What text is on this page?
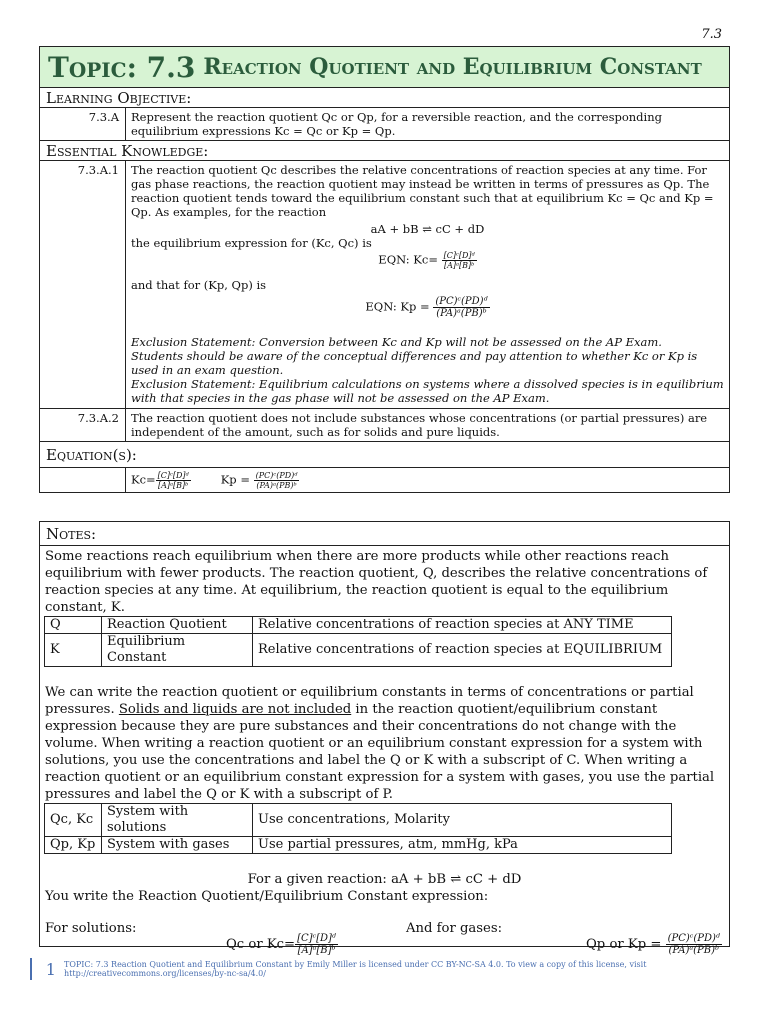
7.3
Topic: 7.3 Reaction Quotient and Equilibrium Constant
Learning Objective:
7.3.A	Represent the reaction quotient Qc or Qp, for a reversible reaction, and the corresponding equilibrium expressions Kc = Qc or Kp = Qp.
Essential Knowledge:
7.3.A.1	The reaction quotient Qc describes the relative concentrations of reaction species at any time. For gas phase reactions, the reaction quotient may instead be written in terms of pressures as Qp. The reaction quotient tends toward the equilibrium constant such that at equilibrium Kc = Qc and Kp = Qp. As examples, for the reaction
aA + bB ⇌ cC + dD
the equilibrium expression for (Kc, Qc) is
EQN: $Kc= \frac{\text{[C]ᶜ[D]ᵈ}}{\text{[A]ᵃ[B]ᵇ}}$
and that for (Kp, Qp) is
EQN: $Kp = \frac{\text{(PC)ᶜ(PD)ᵈ}}{\text{(PA)ᵃ(PB)ᵇ}}$
Exclusion Statement: Conversion between Kc and Kp will not be assessed on the AP Exam.
Students should be aware of the conceptual differences and pay attention to whether Kc or Kp is used in an exam question.
Exclusion Statement: Equilibrium calculations on systems where a dissolved species is in equilibrium with that species in the gas phase will not be assessed on the AP Exam.
7.3.A.2	The reaction quotient does not include substances whose concentrations (or partial pressures) are independent of the amount, such as for solids and pure liquids.
Equation(s):
$Kc= \frac{\text{[C]ᶜ[D]ᵈ}}{\text{[A]ᵃ[B]ᵇ}}$	$Kp = \frac{\text{(PC)ᶜ(PD)ᵈ}}{\text{(PA)ᵃ(PB)ᵇ}}$
Notes:

Some reactions reach equilibrium when there are more products while other reactions reach equilibrium with fewer products. The reaction quotient, Q, describes the relative concentrations of reaction species at any time. At equilibrium, the reaction quotient is equal to the equilibrium constant, K.

Q	Reaction Quotient	Relative concentrations of reaction species at ANY TIME
K	Equilibrium Constant	Relative concentrations of reaction species at EQUILIBRIUM

We can write the reaction quotient or equilibrium constants in terms of concentrations or partial pressures. Solids and liquids are not included in the reaction quotient/equilibrium constant expression because they are pure substances and their concentrations do not change with the volume. When writing a reaction quotient or an equilibrium constant expression for a system with solutions, you use the concentrations and label the Q or K with a subscript of C. When writing a reaction quotient or an equilibrium constant expression for a system with gases, you use the partial pressures and label the Q or K with a subscript of P.

Qc, Kc	System with solutions	Use concentrations, Molarity
Qp, Kp	System with gases	Use partial pressures, atm, mmHg, kPa

For a given reaction: aA + bB ⇌ cC + dD

You write the Reaction Quotient/Equilibrium Constant expression:

For solutions:	And for gases:
Qc or $Kc= \frac{\text{[C]ᶜ[D]ᵈ}}{\text{[A]ᵃ[B]ᵇ}}$	Qp or $Kp = \frac{\text{(PC)ᶜ(PD)ᵈ}}{\text{(PA)ᵃ(PB)ᵇ}}$
1 TOPIC: 7.3 Reaction Quotient and Equilibrium Constant by Emily Miller is licensed under CC BY-NC-SA 4.0. To view a copy of this license, visit http://creativecommons.org/licenses/by-nc-sa/4.0/
